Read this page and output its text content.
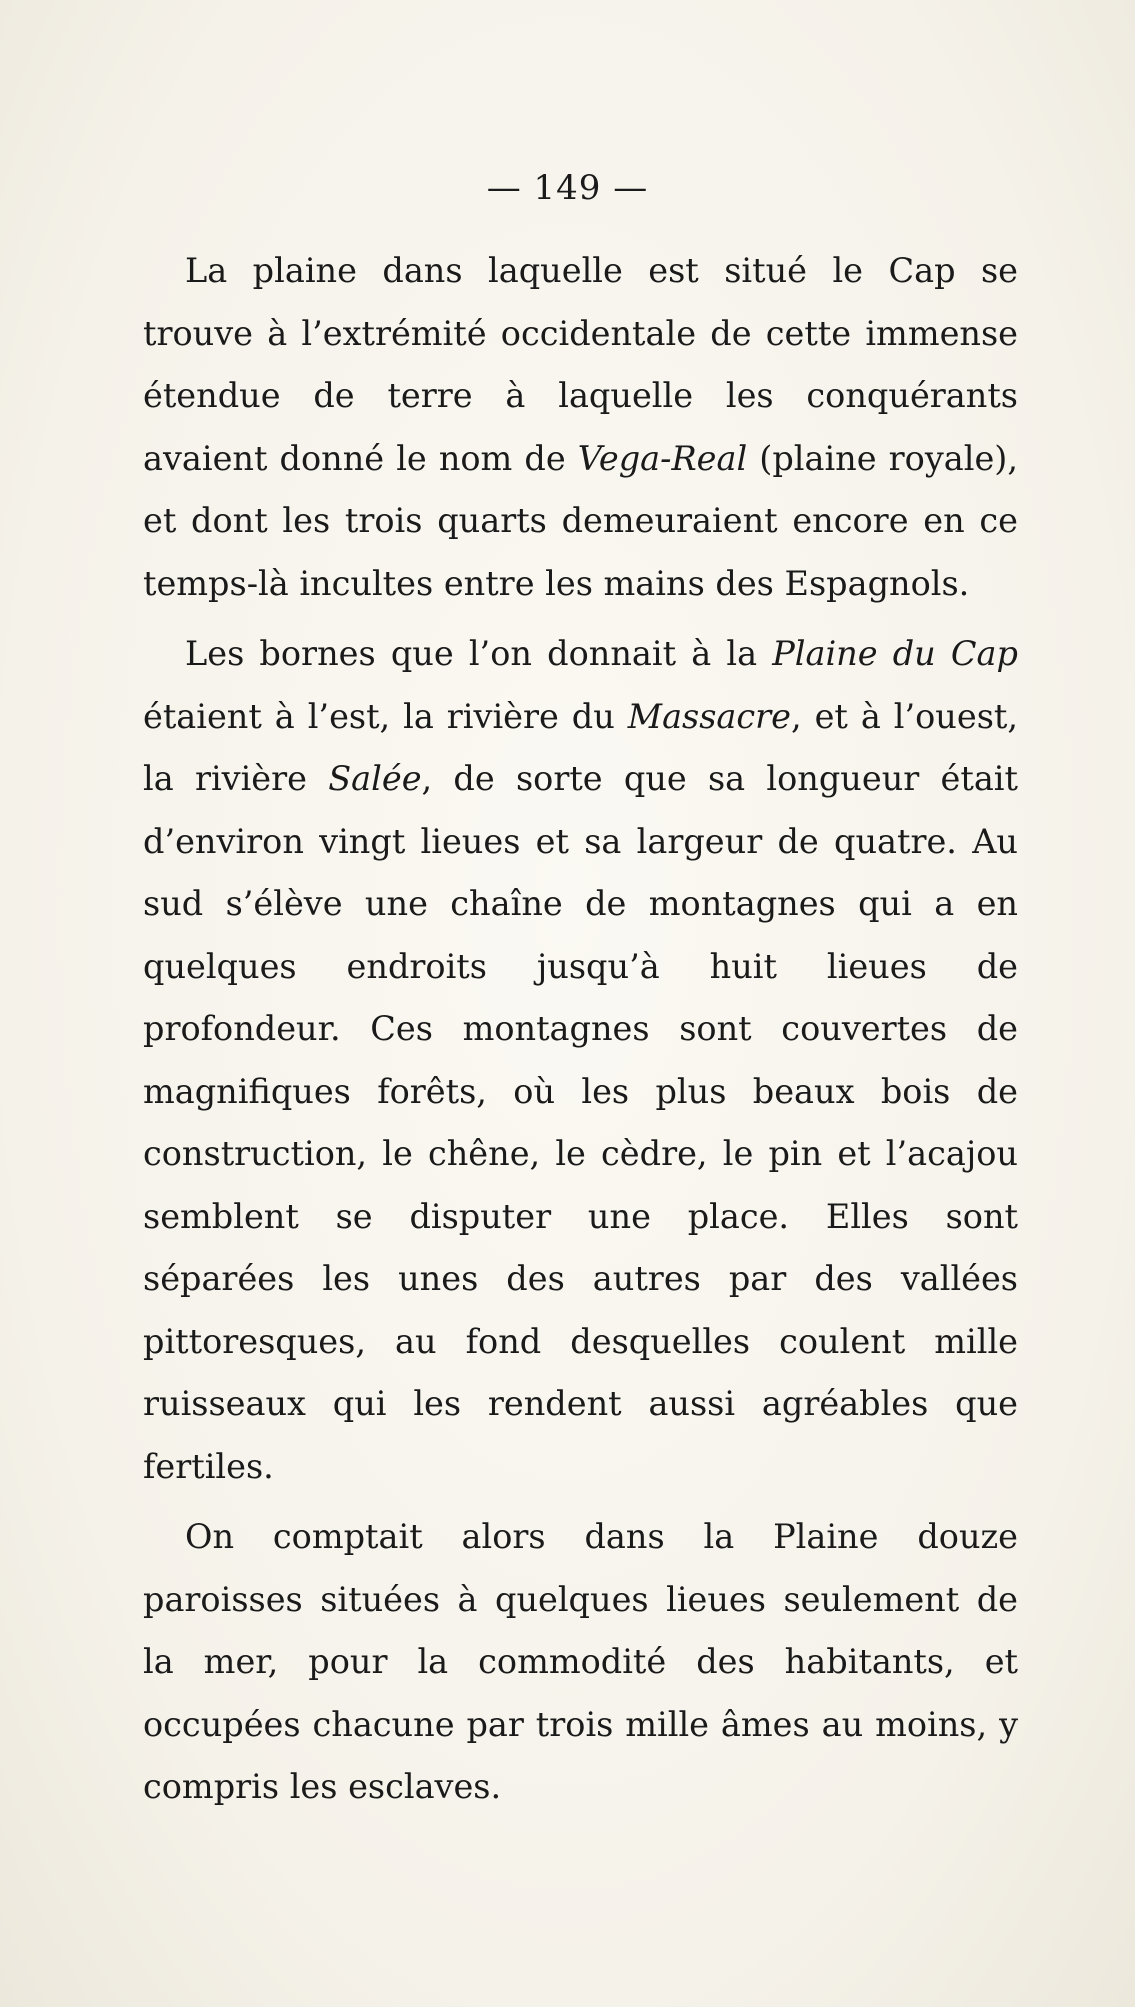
— 149 —

La plaine dans laquelle est situé le Cap se trouve à l’extrémité occidentale de cette immense étendue de terre à laquelle les conquérants avaient donné le nom de Vega-Real (plaine royale), et dont les trois quarts demeuraient encore en ce temps-là incultes entre les mains des Espagnols.

Les bornes que l’on donnait à la Plaine du Cap étaient à l’est, la rivière du Massacre, et à l’ouest, la rivière Salée, de sorte que sa longueur était d’environ vingt lieues et sa largeur de quatre. Au sud s’élève une chaîne de montagnes qui a en quelques endroits jusqu’à huit lieues de profondeur. Ces montagnes sont couvertes de magnifiques forêts, où les plus beaux bois de construction, le chêne, le cèdre, le pin et l’acajou semblent se disputer une place. Elles sont séparées les unes des autres par des vallées pittoresques, au fond desquelles coulent mille ruisseaux qui les rendent aussi agréables que fertiles.

On comptait alors dans la Plaine douze paroisses situées à quelques lieues seulement de la mer, pour la commodité des habitants, et occupées chacune par trois mille âmes au moins, y compris les esclaves.
